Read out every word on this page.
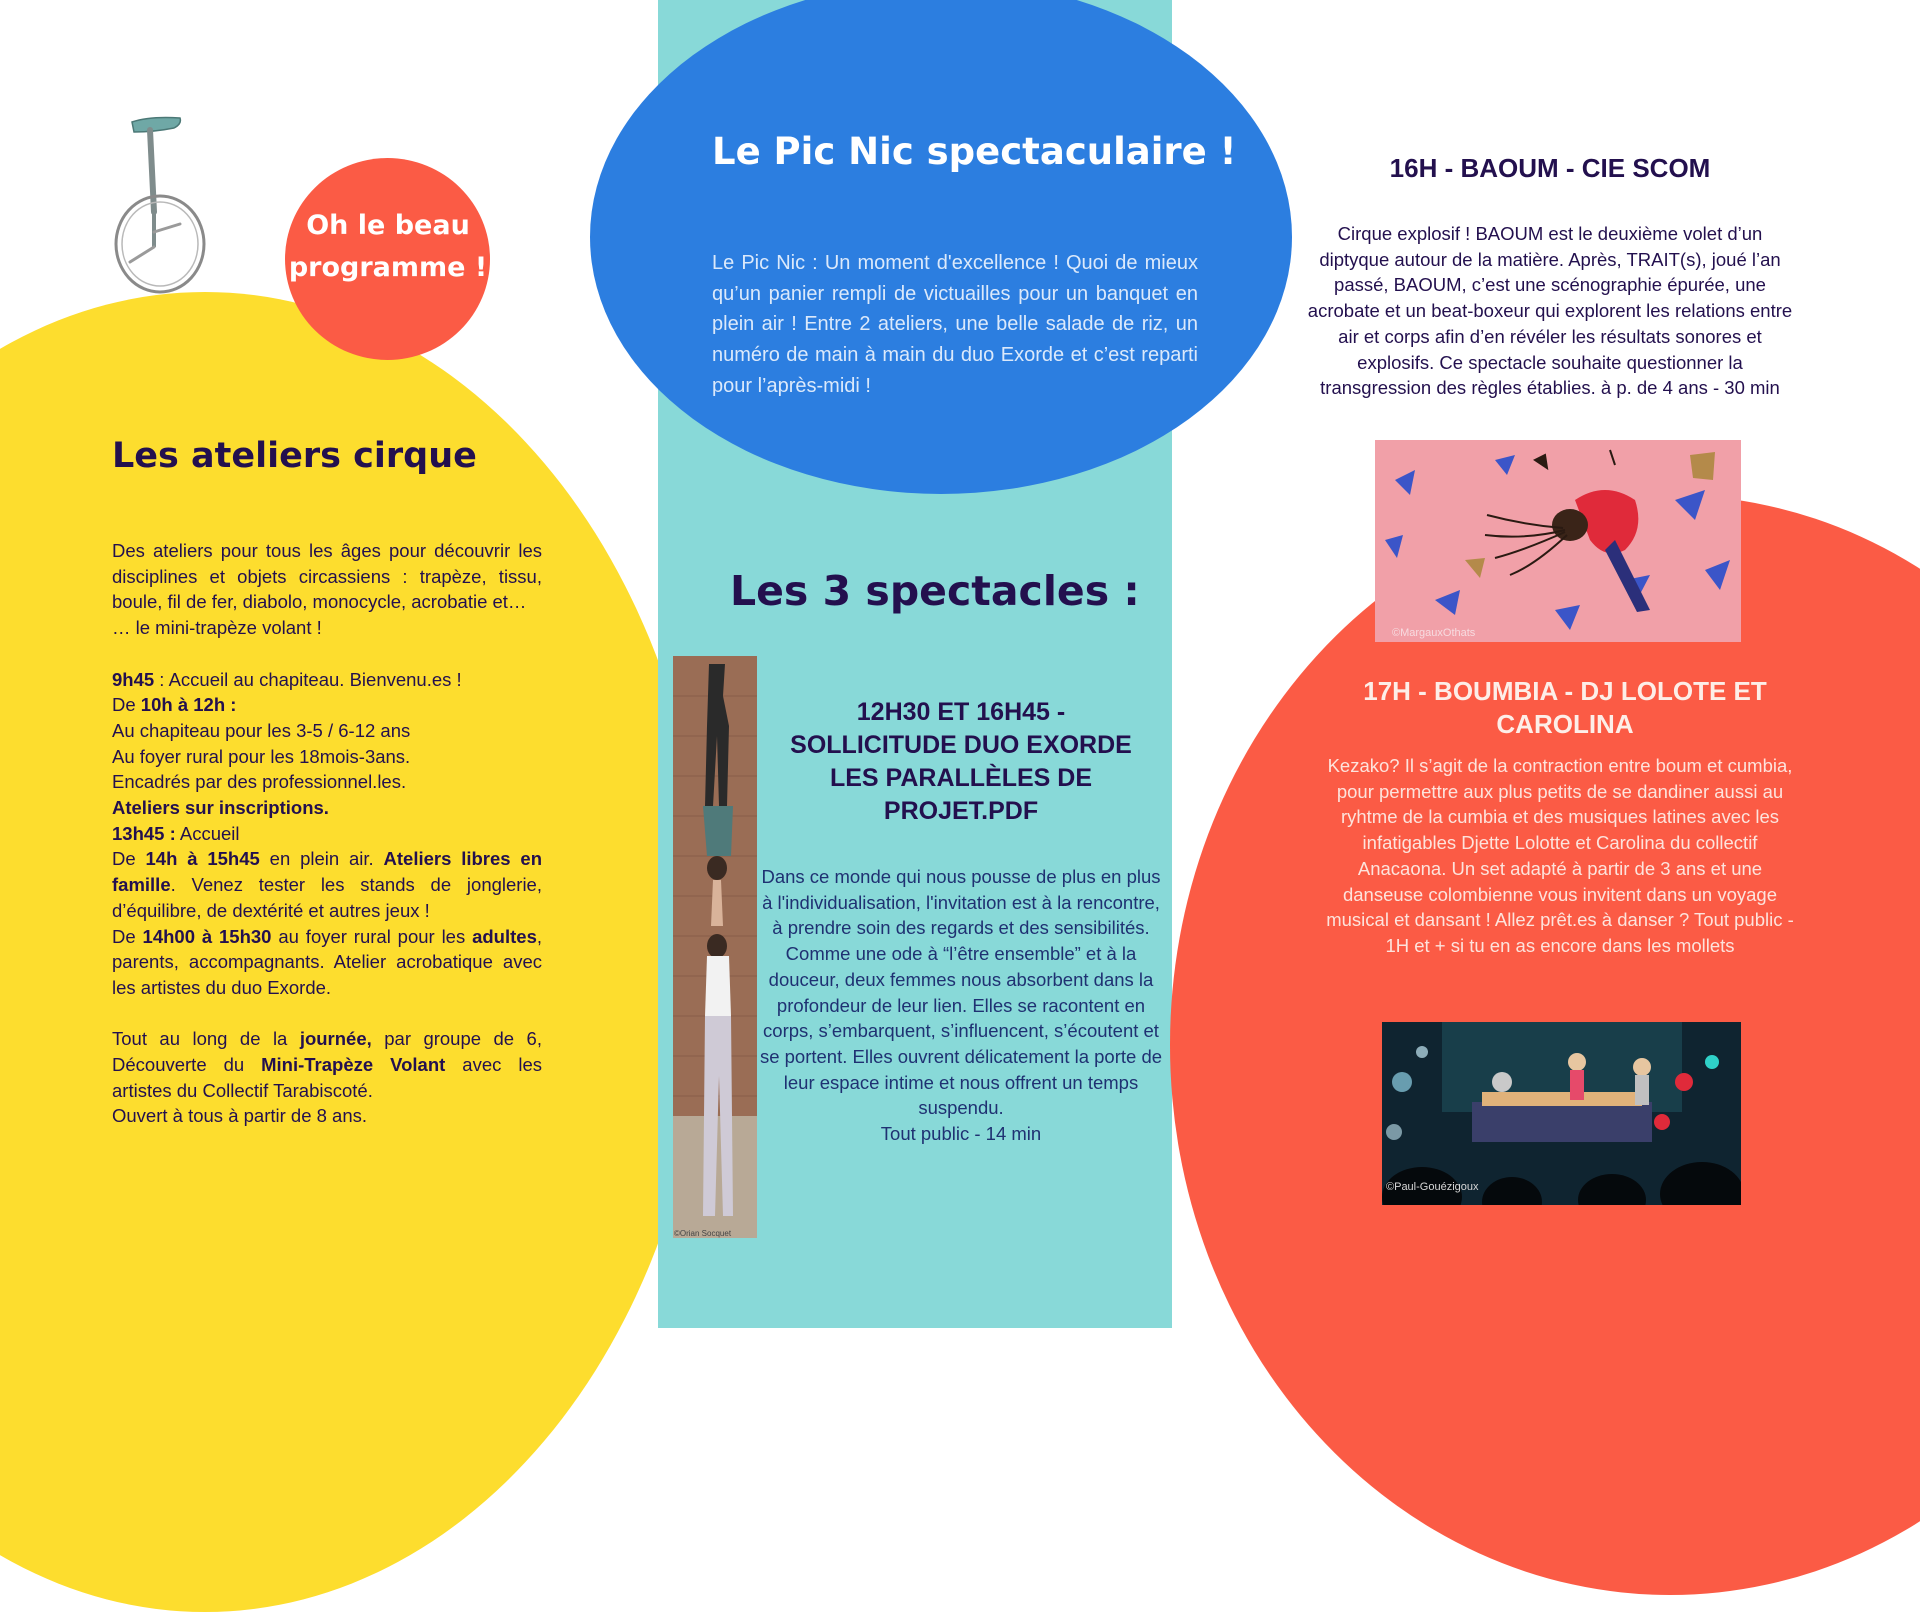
Oh le beau
programme !
Les ateliers cirque

Des ateliers pour tous les âges pour découvrir les disciplines et objets circassiens : trapèze, tissu, boule, fil de fer, diabolo, monocycle, acrobatie et…

… le mini-trapèze volant !

9h45 : Accueil au chapiteau. Bienvenu.es !

De 10h à 12h :

Au chapiteau pour les 3-5 / 6-12 ans

Au foyer rural pour les 18mois-3ans.

Encadrés par des professionnel.les.

Ateliers sur inscriptions.

13h45 : Accueil

De 14h à 15h45 en plein air. Ateliers libres en famille. Venez tester les stands de jonglerie, d’équilibre, de dextérité et autres jeux !

De 14h00 à 15h30 au foyer rural pour les adultes, parents, accompagnants. Atelier acrobatique avec les artistes du duo Exorde.

Tout au long de la journée, par groupe de 6, Découverte du Mini-Trapèze Volant avec les artistes du Collectif Tarabiscoté.

Ouvert à tous à partir de 8 ans.

Le Pic Nic spectaculaire !
Le Pic Nic : Un moment d'excellence ! Quoi de mieux qu’un panier rempli de victuailles pour un banquet en plein air ! Entre 2 ateliers, une belle salade de riz, un numéro de main à main du duo Exorde et c’est reparti pour l’après-midi !
Les 3 spectacles :
©Orian Socquet
12H30 ET 16H45 -
SOLLICITUDE DUO EXORDE
LES PARALLÈLES DE
PROJET.PDF
Dans ce monde qui nous pousse de plus en plus à l'individualisation, l'invitation est à la rencontre, à prendre soin des regards et des sensibilités. Comme une ode à “l’être ensemble” et à la douceur, deux femmes nous absorbent dans la profondeur de leur lien. Elles se racontent en corps, s’embarquent, s’influencent, s’écoutent et se portent. Elles ouvrent délicatement la porte de leur espace intime et nous offrent un temps suspendu.
Tout public - 14 min
16H - BAOUM - CIE SCOM
Cirque explosif ! BAOUM est le deuxième volet d’un diptyque autour de la matière. Après, TRAIT(s), joué l’an passé, BAOUM, c’est une scénographie épurée, une acrobate et un beat-boxeur qui explorent les relations entre air et corps afin d’en révéler les résultats sonores et explosifs. Ce spectacle souhaite questionner la transgression des règles établies. à p. de 4 ans - 30 min
©MargauxOthats
17H - BOUMBIA - DJ LOLOTE ET
CAROLINA
Kezako? Il s’agit de la contraction entre boum et cumbia, pour permettre aux plus petits de se dandiner aussi au ryhtme de la cumbia et des musiques latines avec les infatigables Djette Lolotte et Carolina du collectif Anacaona. Un set adapté à partir de 3 ans et une danseuse colombienne vous invitent dans un voyage musical et dansant ! Allez prêt.es à danser ? Tout public - 1H et + si tu en as encore dans les mollets
©Paul-Gouézigoux
